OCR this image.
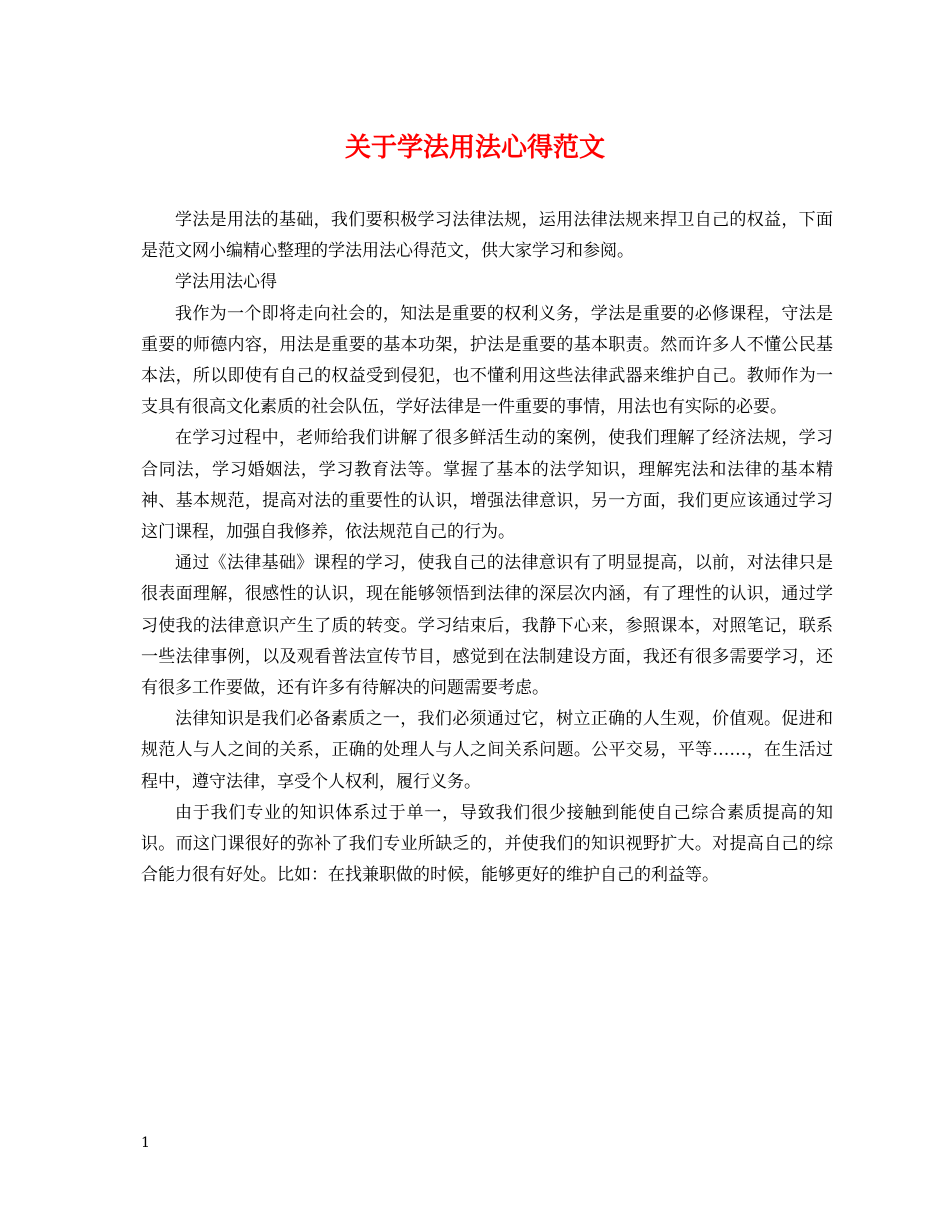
关于学法用法心得范文

学法是用法的基础，我们要积极学习法律法规，运用法律法规来捍卫自己的权益，下面是范文网小编精心整理的学法用法心得范文，供大家学习和参阅。

学法用法心得

我作为一个即将走向社会的，知法是重要的权利义务，学法是重要的必修课程，守法是重要的师德内容，用法是重要的基本功架，护法是重要的基本职责。然而许多人不懂公民基本法，所以即使有自己的权益受到侵犯，也不懂利用这些法律武器来维护自己。教师作为一支具有很高文化素质的社会队伍，学好法律是一件重要的事情，用法也有实际的必要。

在学习过程中，老师给我们讲解了很多鲜活生动的案例，使我们理解了经济法规，学习合同法，学习婚姻法，学习教育法等。掌握了基本的法学知识，理解宪法和法律的基本精神、基本规范，提高对法的重要性的认识，增强法律意识，另一方面，我们更应该通过学习这门课程，加强自我修养，依法规范自己的行为。

通过《法律基础》课程的学习，使我自己的法律意识有了明显提高，以前，对法律只是很表面理解，很感性的认识，现在能够领悟到法律的深层次内涵，有了理性的认识，通过学习使我的法律意识产生了质的转变。学习结束后，我静下心来，参照课本，对照笔记，联系一些法律事例，以及观看普法宣传节目，感觉到在法制建设方面，我还有很多需要学习，还有很多工作要做，还有许多有待解决的问题需要考虑。

法律知识是我们必备素质之一，我们必须通过它，树立正确的人生观，价值观。促进和规范人与人之间的关系，正确的处理人与人之间关系问题。公平交易，平等……，在生活过程中，遵守法律，享受个人权利，履行义务。

由于我们专业的知识体系过于单一，导致我们很少接触到能使自己综合素质提高的知识。而这门课很好的弥补了我们专业所缺乏的，并使我们的知识视野扩大。对提高自己的综合能力很有好处。比如：在找兼职做的时候，能够更好的维护自己的利益等。

1
